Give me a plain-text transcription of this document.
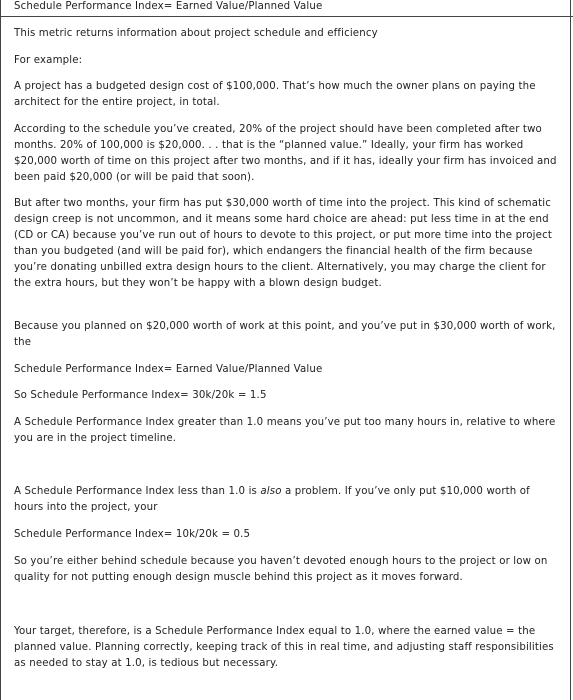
Schedule Performance Index= Earned Value/Planned Value

This metric returns information about project schedule and efficiency

For example:

A project has a budgeted design cost of $100,000. That’s how much the owner plans on paying the architect for the entire project, in total.

According to the schedule you’ve created, 20% of the project should have been completed after two months. 20% of 100,000 is $20,000. . . that is the “planned value.” Ideally, your firm has worked $20,000 worth of time on this project after two months, and if it has, ideally your firm has invoiced and been paid $20,000 (or will be paid that soon).

But after two months, your firm has put $30,000 worth of time into the project. This kind of schematic design creep is not uncommon, and it means some hard choice are ahead: put less time in at the end (CD or CA) because you’ve run out of hours to devote to this project, or put more time into the project than you budgeted (and will be paid for), which endangers the financial health of the firm because you’re donating unbilled extra design hours to the client. Alternatively, you may charge the client for the extra hours, but they won’t be happy with a blown design budget.

Because you planned on $20,000 worth of work at this point, and you’ve put in $30,000 worth of work, the

Schedule Performance Index= Earned Value/Planned Value

So Schedule Performance Index= 30k/20k = 1.5

A Schedule Performance Index greater than 1.0 means you’ve put too many hours in, relative to where you are in the project timeline.

A Schedule Performance Index less than 1.0 is also a problem. If you’ve only put $10,000 worth of hours into the project, your

Schedule Performance Index= 10k/20k = 0.5

So you’re either behind schedule because you haven’t devoted enough hours to the project or low on quality for not putting enough design muscle behind this project as it moves forward.

Your target, therefore, is a Schedule Performance Index equal to 1.0, where the earned value = the planned value. Planning correctly, keeping track of this in real time, and adjusting staff responsibilities as needed to stay at 1.0, is tedious but necessary.
